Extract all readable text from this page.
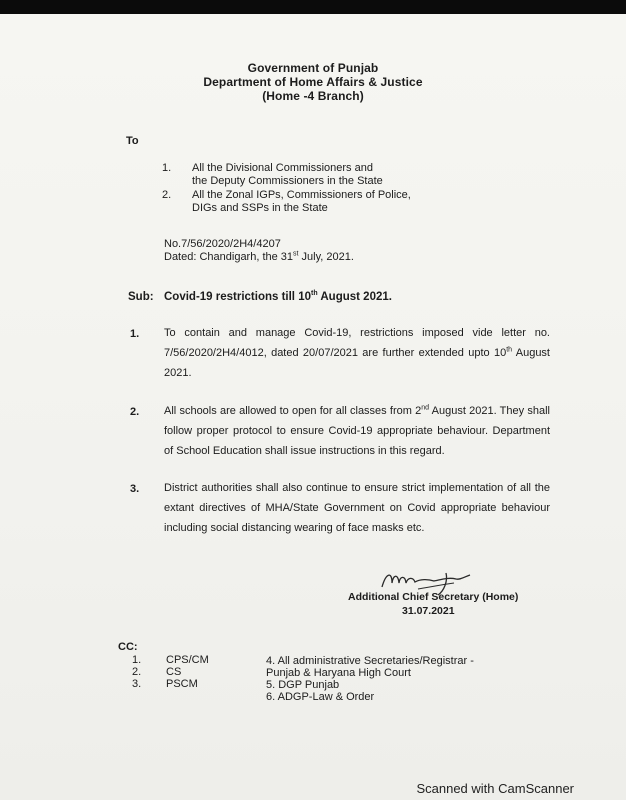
Government of Punjab
Department of Home Affairs & Justice
(Home -4 Branch)
To
1. All the Divisional Commissioners and
the Deputy Commissioners in the State
2. All the Zonal IGPs, Commissioners of Police,
DIGs and SSPs in the State
No.7/56/2020/2H4/4207
Dated: Chandigarh, the 31st July, 2021.
Sub: Covid-19 restrictions till 10th August 2021.
1. To contain and manage Covid-19, restrictions imposed vide letter no. 7/56/2020/2H4/4012, dated 20/07/2021 are further extended upto 10th August 2021.
2. All schools are allowed to open for all classes from 2nd August 2021. They shall follow proper protocol to ensure Covid-19 appropriate behaviour. Department of School Education shall issue instructions in this regard.
3. District authorities shall also continue to ensure strict implementation of all the extant directives of MHA/State Government on Covid appropriate behaviour including social distancing wearing of face masks etc.
Additional Chief Secretary (Home)
31.07.2021
CC:
1. CPS/CM
2. CS
3. PSCM
4. All administrative Secretaries/Registrar -
Punjab & Haryana High Court
5. DGP Punjab
6. ADGP-Law & Order
Scanned with CamScanner
